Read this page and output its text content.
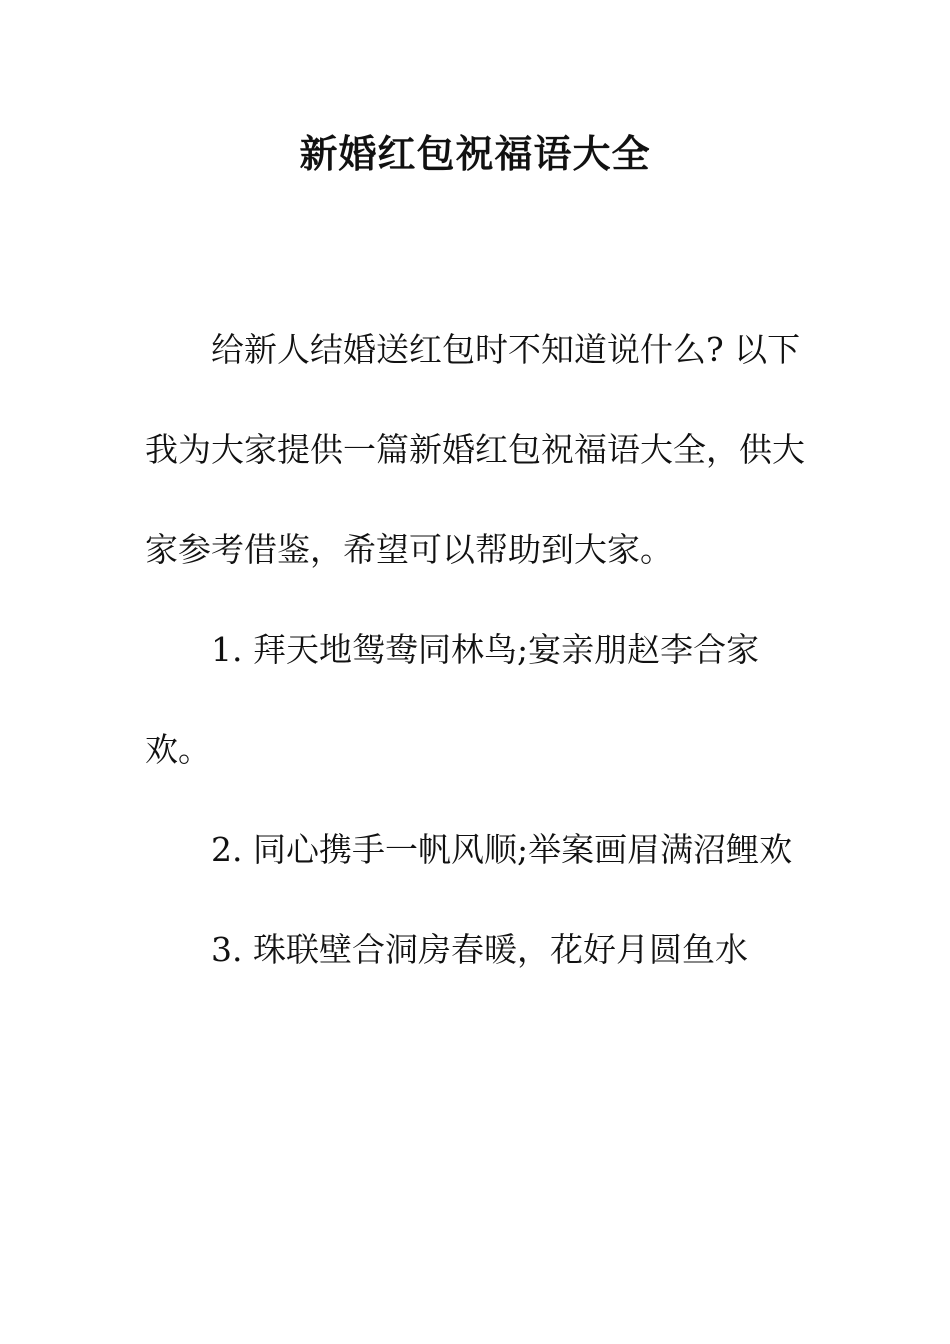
新婚红包祝福语大全

给新人结婚送红包时不知道说什么? 以下我为大家提供一篇新婚红包祝福语大全，供大家参考借鉴，希望可以帮助到大家。

1. 拜天地鸳鸯同林鸟;宴亲朋赵李合家欢。

2. 同心携手一帆风顺;举案画眉满沼鲤欢

3. 珠联壁合洞房春暖，花好月圆鱼水
